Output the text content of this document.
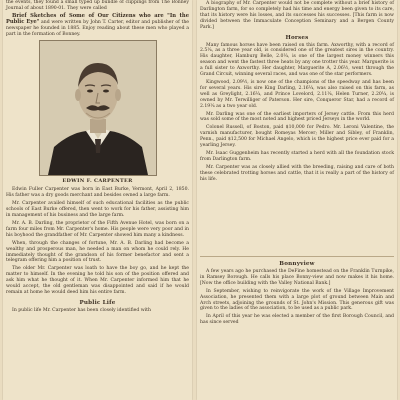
the events, they found a small typed up bundle of clippings from The Bonney Journal of about 1890-01. They were called

Brief Sketches of Some of Our Citizens who are "In the Public Eye" and were written by John T. Carter, editor and publisher of the newspaper he founded in 1885. Enjoy reading about these men who played a part in the formation of Bonney.

EDWIN F. CARPENTER

Edwin Fuller Carpenter was born in East Burke, Vermont, April 2, 1850. His father was a dry goods merchant and besides owned a large farm.

Mr. Carpenter availed himself of such educational facilities as the public schools of East Burke offered, then went to work for his father, assisting him in management of his business and the large farm.

Mr. A. B. Darling, the proprietor of the Fifth Avenue Hotel, was born on a farm four miles from Mr. Carpenter's home. His people were very poor and in his boyhood the grandfather of Mr. Carpenter showed him many a kindness.

When, through the changes of fortune, Mr. A. B. Darling had become a wealthy and prosperous man, he needed a man on whom he could rely. He immediately thought of the grandson of his former benefactor and sent a telegram offering him a position of trust.

The older Mr. Carpenter was loath to have the boy go, and he kept the matter to himself. In the evening he told his son of the position offered and ask him what he thought of it. When Mr. Carpenter informed him that he would accept, the old gentleman was disappointed and said if he would remain at home he would deed him his entire farm.

Public Life

In public life Mr. Carpenter has been closely identified with

A biography of Mr. Carpenter would not be complete without a brief history of Darlington farm, for so completely had his time and energy been given to its care, that its history were his losses, and its successes his successes. [This farm is now divided between the Immaculate Conception Seminary and a Bergen County Park.]

Horses

Many famous horses have been raised on this farm. Axworthy, with a record of 2.5¼, as a three year old, is considered one of the greatest sires in the country. His daughter, Hamburg Belle, 2.0¼, is one of the largest money winners this season and went the fastest three heats by any one trotter this year. Marguerite is a full sister to Axworthy. Her daughter, Marguerite A, 2.06½, went through the Grand Circuit, winning several races, and was one of the star performers.

Kingwood, 2.09½, is now one of the champions of the speedway and has been for several years. His sire King Darling, 2.16¼, was also raised on this farm, as well as Greylight, 2.16¼, and Prince Lovelord, 2.11¼, Helen Turner, 2.20¼, is owned by Mr. Terwilliger of Paterson. Her sire, Conqueror Star, had a record of 2.19¼ as a two year old.

Mr. Darling was one of the earliest importers of Jersey cattle. From this herd was sold some of the most noted and highest priced Jerseys in the world.

Colonel Russell, of Boston, paid $10,000 for Pedro. Mr. Leroni Valentine, the varnish manufacturer, bought Romeyas Mercer; Miller and Sibley, of Franklin, Penn., paid $12,500 for Michael Angelo, which is the highest price ever paid for a yearling Jersey.

Mr. Isaac Guggenheim has recently started a herd with all the foundation stock from Darlington farm.

Mr. Carpenter was as closely allied with the breeding, raising and care of both these celebrated trotting horses and cattle, that it is really a part of the history of his life.

Bonnyview

A few years ago he purchased the DeFine homestead on the Franklin Turnpike, in Ramsey Borough. He calls his place Bonny-view and now makes it his home. [Now the office building with the Valley National Bank.]

In September, wishing to reinvigorate the work of the Village Improvement Association, he presented them with a large plot of ground between Main and Arch streets, adjoining the grounds of St. John's Mission. This generous gift was given to the ladies of the association, to be used as a public park.

In April of this year he was elected a member of the first Borough Council, and has since served
